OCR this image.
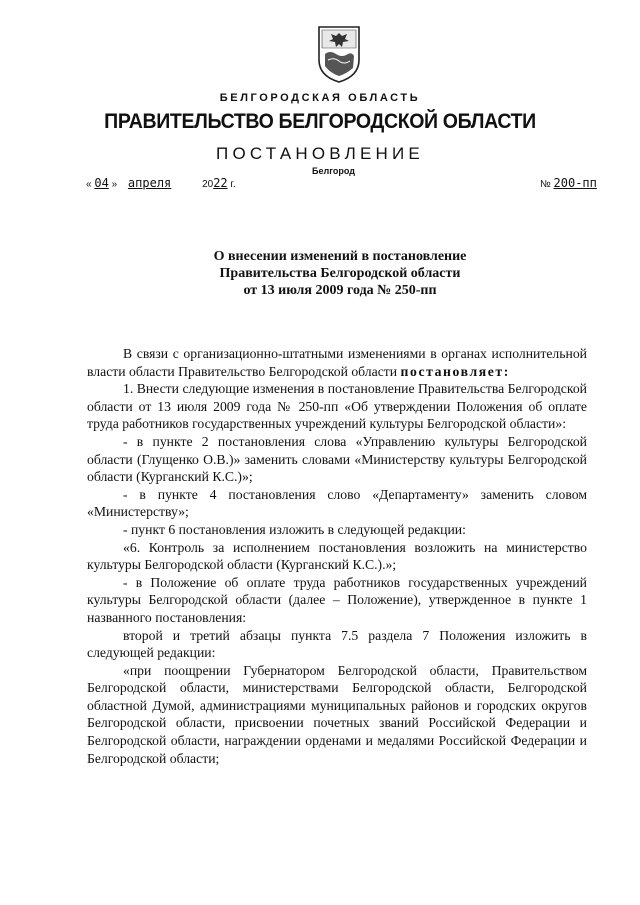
БЕЛГОРОДСКАЯ ОБЛАСТЬ
ПРАВИТЕЛЬСТВО БЕЛГОРОДСКОЙ ОБЛАСТИ
ПОСТАНОВЛЕНИЕ
Белгород
« 04 » апреля	2022 г.	№ 200-пп
О внесении изменений в постановление
Правительства Белгородской области
от 13 июля 2009 года № 250-пп

В связи с организационно-штатными изменениями в органах исполнительной власти области Правительство Белгородской области постановляет:

1. Внести следующие изменения в постановление Правительства Белгородской области от 13 июля 2009 года № 250-пп «Об утверждении Положения об оплате труда работников государственных учреждений культуры Белгородской области»:

- в пункте 2 постановления слова «Управлению культуры Белгородской области (Глущенко О.В.)» заменить словами «Министерству культуры Белгородской области (Курганский К.С.)»;

- в пункте 4 постановления слово «Департаменту» заменить словом «Министерству»;

- пункт 6 постановления изложить в следующей редакции:

«6. Контроль за исполнением постановления возложить на министерство культуры Белгородской области (Курганский К.С.).»;

- в Положение об оплате труда работников государственных учреждений культуры Белгородской области (далее – Положение), утвержденное в пункте 1 названного постановления:

второй и третий абзацы пункта 7.5 раздела 7 Положения изложить в следующей редакции:

«при поощрении Губернатором Белгородской области, Правительством Белгородской области, министерствами Белгородской области, Белгородской областной Думой, администрациями муниципальных районов и городских округов Белгородской области, присвоении почетных званий Российской Федерации и Белгородской области, награждении орденами и медалями Российской Федерации и Белгородской области;
